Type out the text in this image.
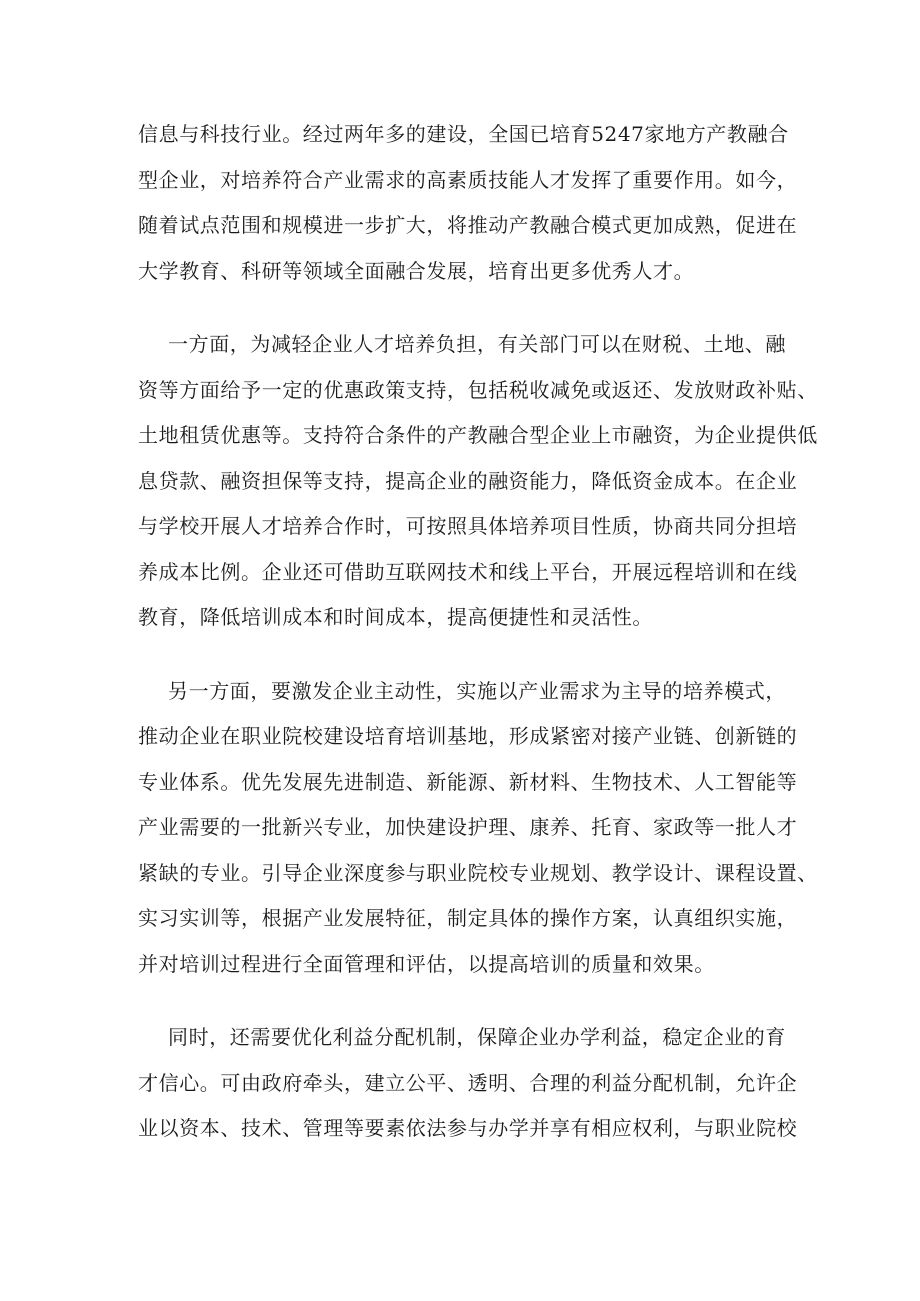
信息与科技行业。经过两年多的建设，全国已培育5247家地方产教融合
型企业，对培养符合产业需求的高素质技能人才发挥了重要作用。如今，
随着试点范围和规模进一步扩大，将推动产教融合模式更加成熟，促进在
大学教育、科研等领域全面融合发展，培育出更多优秀人才。

一方面，为减轻企业人才培养负担，有关部门可以在财税、土地、融
资等方面给予一定的优惠政策支持，包括税收减免或返还、发放财政补贴、
土地租赁优惠等。支持符合条件的产教融合型企业上市融资，为企业提供低
息贷款、融资担保等支持，提高企业的融资能力，降低资金成本。在企业
与学校开展人才培养合作时，可按照具体培养项目性质，协商共同分担培
养成本比例。企业还可借助互联网技术和线上平台，开展远程培训和在线
教育，降低培训成本和时间成本，提高便捷性和灵活性。

另一方面，要激发企业主动性，实施以产业需求为主导的培养模式，
推动企业在职业院校建设培育培训基地，形成紧密对接产业链、创新链的
专业体系。优先发展先进制造、新能源、新材料、生物技术、人工智能等
产业需要的一批新兴专业，加快建设护理、康养、托育、家政等一批人才
紧缺的专业。引导企业深度参与职业院校专业规划、教学设计、课程设置、
实习实训等，根据产业发展特征，制定具体的操作方案，认真组织实施，
并对培训过程进行全面管理和评估，以提高培训的质量和效果。

同时，还需要优化利益分配机制，保障企业办学利益，稳定企业的育
才信心。可由政府牵头，建立公平、透明、合理的利益分配机制，允许企
业以资本、技术、管理等要素依法参与办学并享有相应权利，与职业院校
